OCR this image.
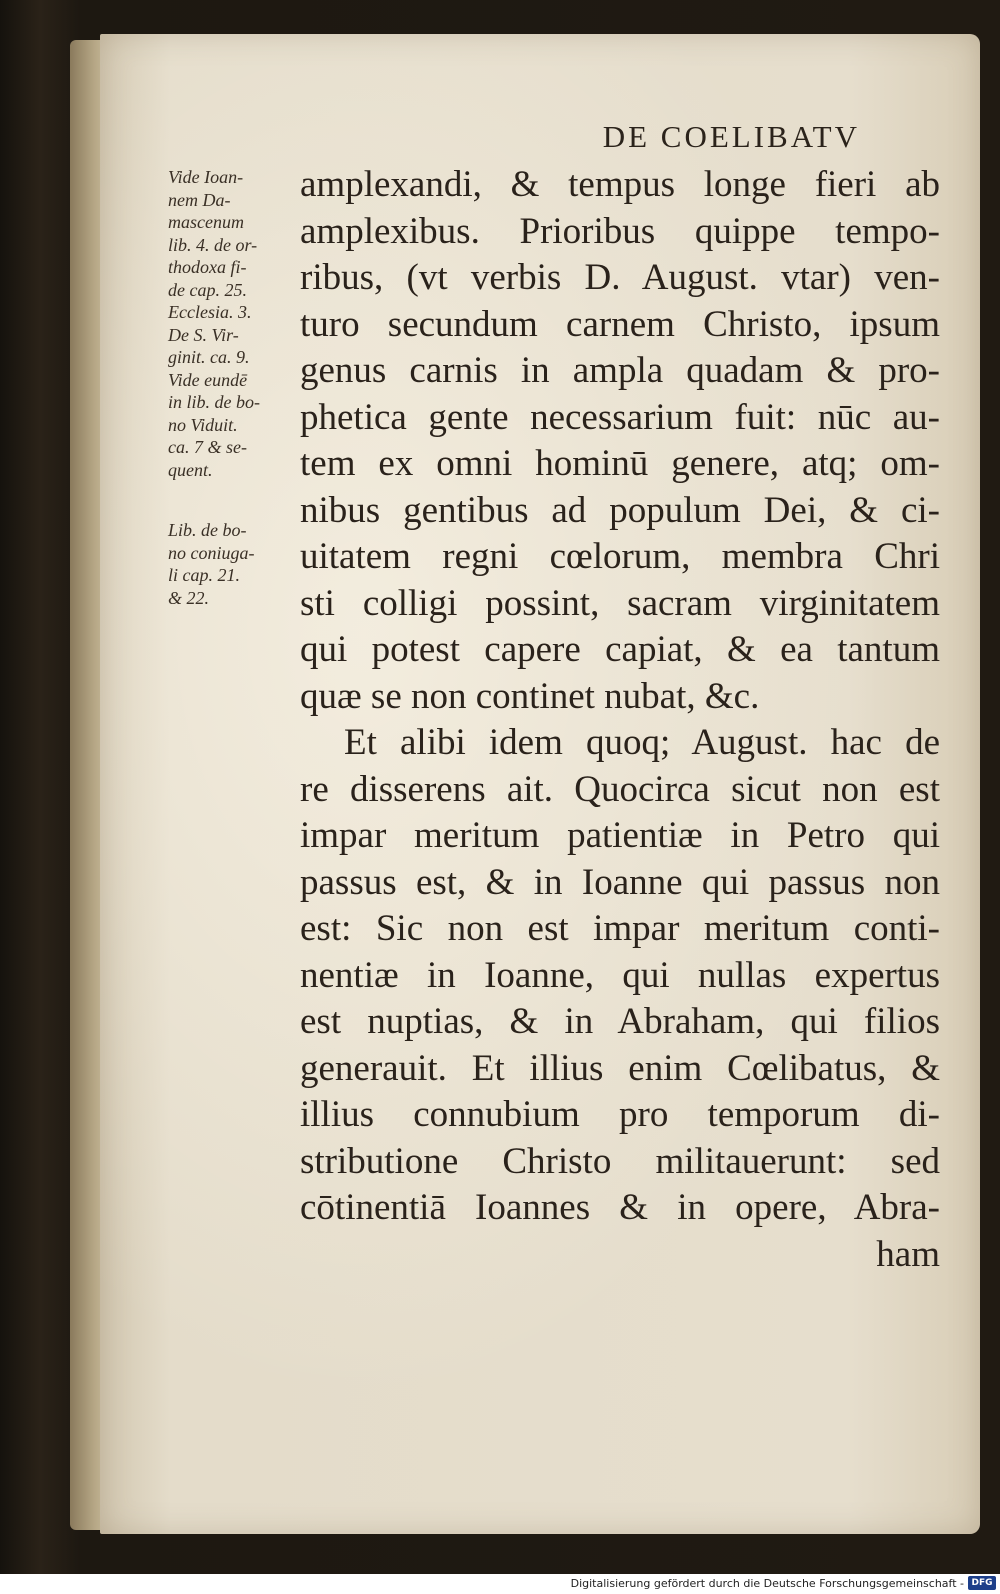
DE COELIBATV
Vide Ioan-
nem Da-
mascenum
lib. 4. de or-
thodoxa fi-
de cap. 25.
Ecclesia. 3.
De S. Vir-
ginit. ca. 9.
Vide eundē
in lib. de bo-
no Viduit.
ca. 7 & se-
quent.
Lib. de bo-
no coniuga-
li cap. 21.
& 22.
amplexandi, & tempus longe fieri ab
amplexibus. Prioribus quippe tempo-
ribus, (vt verbis D. August. vtar) ven-
turo secundum carnem Christo, ipsum
genus carnis in ampla quadam & pro-
phetica gente necessarium fuit: nūc au-
tem ex omni hominū genere, atq; om-
nibus gentibus ad populum Dei, & ci-
uitatem regni cœlorum, membra Chri
sti colligi possint, sacram virginitatem
qui potest capere capiat, & ea tantum
quæ se non continet nubat, &c.
Et alibi idem quoq; August. hac de
re disserens ait. Quocirca sicut non est
impar meritum patientiæ in Petro qui
passus est, & in Ioanne qui passus non
est: Sic non est impar meritum conti-
nentiæ in Ioanne, qui nullas expertus
est nuptias, & in Abraham, qui filios
generauit. Et illius enim Cœlibatus, &
illius connubium pro temporum di-
stributione Christo militauerunt: sed
cōtinentiā Ioannes & in opere, Abra-
ham
Digitalisierung gefördert durch die Deutsche Forschungsgemeinschaft - DFG
